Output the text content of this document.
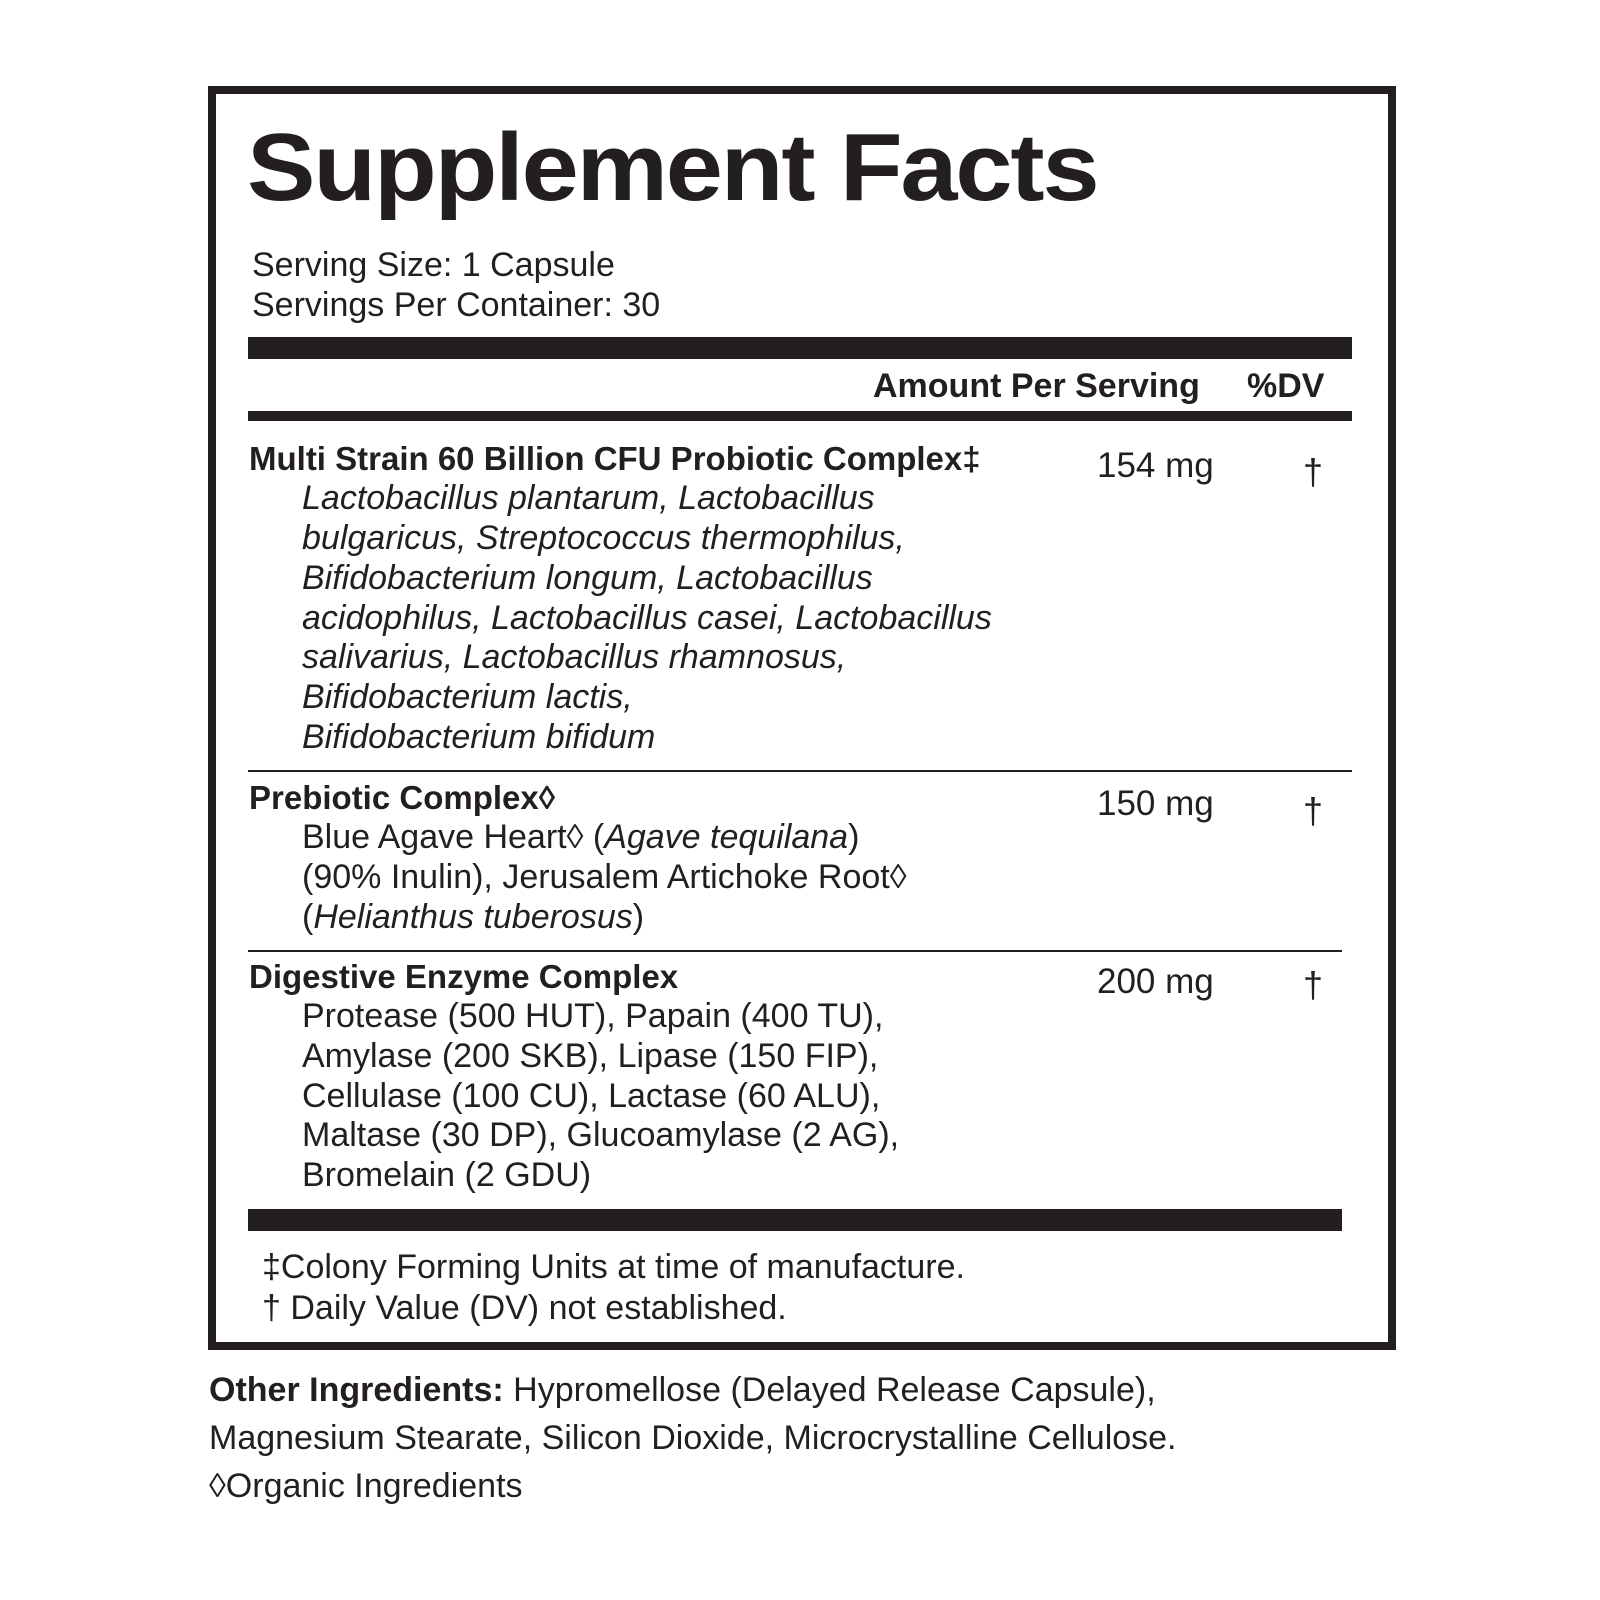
Supplement Facts
Serving Size: 1 Capsule
Servings Per Container: 30
Amount Per Serving %DV
Multi Strain 60 Billion CFU Probiotic Complex‡	154 mg †
Lactobacillus plantarum, Lactobacillus
bulgaricus, Streptococcus thermophilus,
Bifidobacterium longum, Lactobacillus
acidophilus, Lactobacillus casei, Lactobacillus
salivarius, Lactobacillus rhamnosus,
Bifidobacterium lactis,
Bifidobacterium bifidum
Prebiotic Complex◊	150 mg †
Blue Agave Heart◊ (Agave tequilana)
(90% Inulin), Jerusalem Artichoke Root◊
(Helianthus tuberosus)
Digestive Enzyme Complex	200 mg †
Protease (500 HUT), Papain (400 TU),
Amylase (200 SKB), Lipase (150 FIP),
Cellulase (100 CU), Lactase (60 ALU),
Maltase (30 DP), Glucoamylase (2 AG),
Bromelain (2 GDU)
‡Colony Forming Units at time of manufacture.
† Daily Value (DV) not established.
Other Ingredients: Hypromellose (Delayed Release Capsule),
Magnesium Stearate, Silicon Dioxide, Microcrystalline Cellulose.
◊Organic Ingredients
